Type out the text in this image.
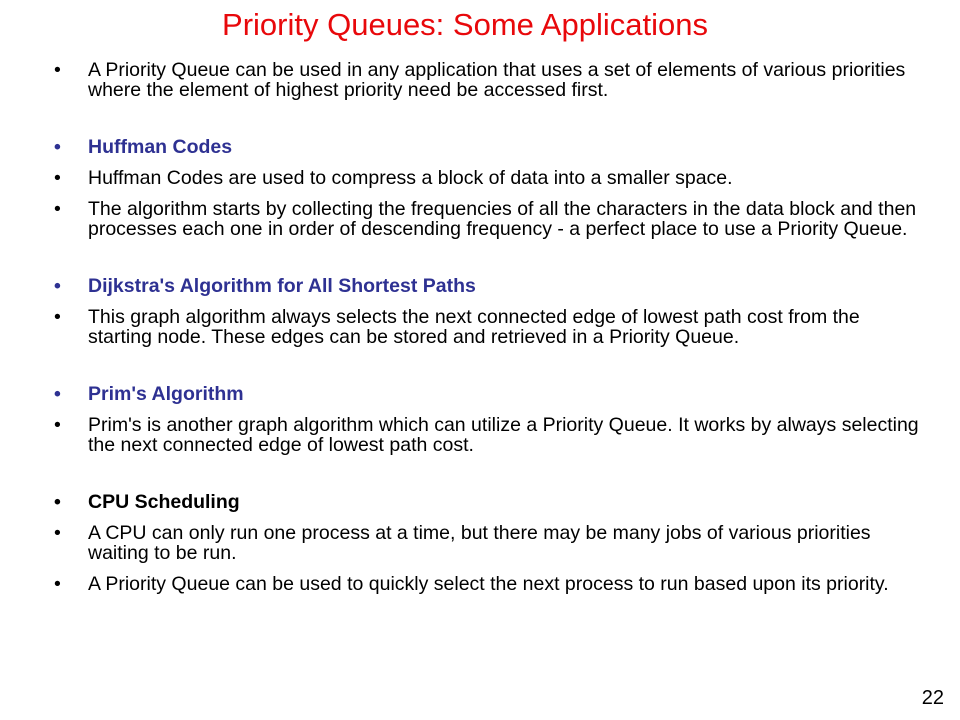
Priority Queues: Some Applications
• A Priority Queue can be used in any application that uses a set of elements of various priorities where the element of highest priority need be accessed first.
• Huffman Codes
• Huffman Codes are used to compress a block of data into a smaller space.
• The algorithm starts by collecting the frequencies of all the characters in the data block and then processes each one in order of descending frequency - a perfect place to use a Priority Queue.
• Dijkstra's Algorithm for All Shortest Paths
• This graph algorithm always selects the next connected edge of lowest path cost from the starting node. These edges can be stored and retrieved in a Priority Queue.
• Prim's Algorithm
• Prim's is another graph algorithm which can utilize a Priority Queue. It works by always selecting the next connected edge of lowest path cost.
• CPU Scheduling
• A CPU can only run one process at a time, but there may be many jobs of various priorities waiting to be run.
• A Priority Queue can be used to quickly select the next process to run based upon its priority.
22
